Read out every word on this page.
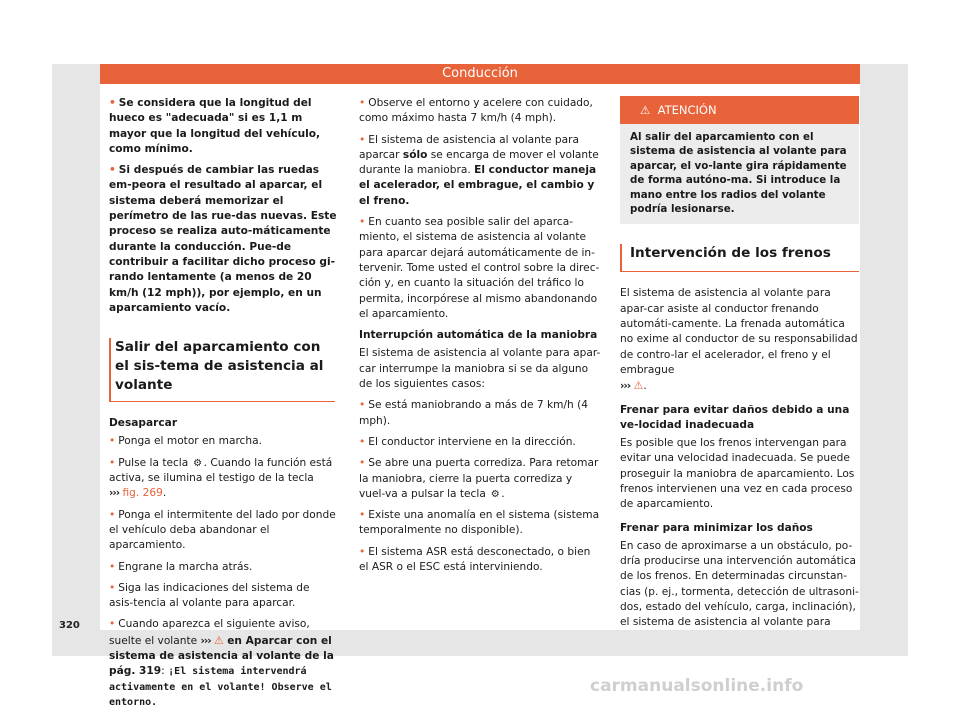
Conducción
• Se considera que la longitud del hueco es "adecuada" si es 1,1 m mayor que la longitud del vehículo, como mínimo.
• Si después de cambiar las ruedas em-peora el resultado al aparcar, el sistema deberá memorizar el perímetro de las rue-das nuevas. Este proceso se realiza auto-máticamente durante la conducción. Pue-de contribuir a facilitar dicho proceso gi-rando lentamente (a menos de 20 km/h (12 mph)), por ejemplo, en un aparcamiento vacío.
Salir del aparcamiento con el sis-tema de asistencia al volante

Desaparcar

• Ponga el motor en marcha.
• Pulse la tecla ⚙ . Cuando la función está activa, se ilumina el testigo de la tecla
››› fig. 269.
• Ponga el intermitente del lado por donde el vehículo deba abandonar el aparcamiento.
• Engrane la marcha atrás.
• Siga las indicaciones del sistema de asis-tencia al volante para aparcar.
• Cuando aparezca el siguiente aviso, suelte el volante ››› ⚠ en Aparcar con el sistema de asistencia al volante de la pág. 319: ¡El sistema intervendrá activamente en el volante! Observe el entorno.
• Observe el entorno y acelere con cuidado, como máximo hasta 7 km/h (4 mph).
• El sistema de asistencia al volante para aparcar sólo se encarga de mover el volante durante la maniobra. El conductor maneja el acelerador, el embrague, el cambio y el freno.
• En cuanto sea posible salir del aparca-miento, el sistema de asistencia al volante para aparcar dejará automáticamente de in-tervenir. Tome usted el control sobre la direc-ción y, en cuanto la situación del tráfico lo permita, incorpórese al mismo abandonando el aparcamiento.

Interrupción automática de la maniobra

El sistema de asistencia al volante para apar-car interrumpe la maniobra si se da alguno de los siguientes casos:

• Se está maniobrando a más de 7 km/h (4 mph).
• El conductor interviene en la dirección.
• Se abre una puerta corrediza. Para retomar la maniobra, cierre la puerta corrediza y vuel-va a pulsar la tecla ⚙ .
• Existe una anomalía en el sistema (sistema temporalmente no disponible).
• El sistema ASR está desconectado, o bien el ASR o el ESC está interviniendo.
⚠ ATENCIÓN
Al salir del aparcamiento con el sistema de asistencia al volante para aparcar, el vo-lante gira rápidamente de forma autóno-ma. Si introduce la mano entre los radios del volante podría lesionarse.
Intervención de los frenos

El sistema de asistencia al volante para apar-car asiste al conductor frenando automáti-camente. La frenada automática no exime al conductor de su responsabilidad de contro-lar el acelerador, el freno y el embrague
››› ⚠.

Frenar para evitar daños debido a una ve-locidad inadecuada

Es posible que los frenos intervengan para evitar una velocidad inadecuada. Se puede proseguir la maniobra de aparcamiento. Los frenos intervienen una vez en cada proceso de aparcamiento.

Frenar para minimizar los daños

En caso de aproximarse a un obstáculo, po-dría producirse una intervención automática de los frenos. En determinadas circunstan-cias (p. ej., tormenta, detección de ultrasoni-dos, estado del vehículo, carga, inclinación), el sistema de asistencia al volante para

320
carmanualsonline.info
